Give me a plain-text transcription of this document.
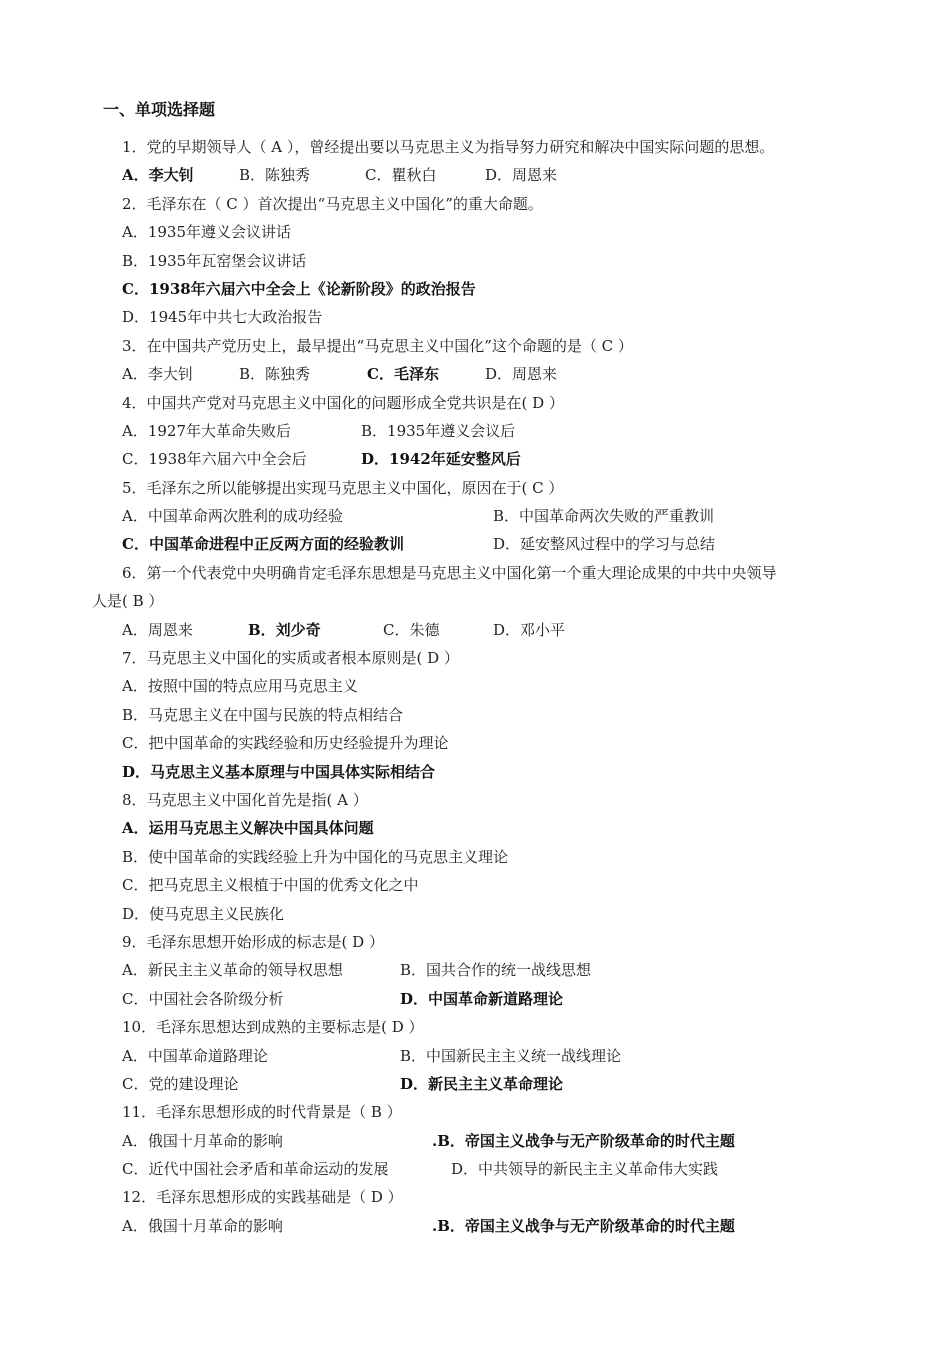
一、单项选择题
1．党的早期领导人（ A ），曾经提出要以马克思主义为指导努力研究和解决中国实际问题的思想。
A．李大钊	B．陈独秀	C．瞿秋白	D．周恩来
2．毛泽东在（ C ）首次提出“马克思主义中国化”的重大命题。
A．1935年遵义会议讲话
B．1935年瓦窑堡会议讲话
C．1938年六届六中全会上《论新阶段》的政治报告
D．1945年中共七大政治报告
3．在中国共产党历史上，最早提出“马克思主义中国化”这个命题的是（ C ）
A．李大钊	B．陈独秀	C．毛泽东	D．周恩来
4．中国共产党对马克思主义中国化的问题形成全党共识是在( D ）
A．1927年大革命失败后	B．1935年遵义会议后
C．1938年六届六中全会后	D．1942年延安整风后
5．毛泽东之所以能够提出实现马克思主义中国化，原因在于( C ）
A．中国革命两次胜利的成功经验	B．中国革命两次失败的严重教训
C．中国革命进程中正反两方面的经验教训	D．延安整风过程中的学习与总结
6．第一个代表党中央明确肯定毛泽东思想是马克思主义中国化第一个重大理论成果的中共中央领导
人是( B ）
A．周恩来	B．刘少奇	C．朱德	D．邓小平
7．马克思主义中国化的实质或者根本原则是( D ）
A．按照中国的特点应用马克思主义
B．马克思主义在中国与民族的特点相结合
C．把中国革命的实践经验和历史经验提升为理论
D．马克思主义基本原理与中国具体实际相结合
8．马克思主义中国化首先是指( A ）
A．运用马克思主义解决中国具体问题
B．使中国革命的实践经验上升为中国化的马克思主义理论
C．把马克思主义根植于中国的优秀文化之中
D．使马克思主义民族化
9．毛泽东思想开始形成的标志是( D ）
A．新民主主义革命的领导权思想	B．国共合作的统一战线思想
C．中国社会各阶级分析	D．中国革命新道路理论
10．毛泽东思想达到成熟的主要标志是( D ）
A．中国革命道路理论	B．中国新民主主义统一战线理论
C．党的建设理论	D．新民主主义革命理论
11．毛泽东思想形成的时代背景是（ B ）
A．俄国十月革命的影响	.B．帝国主义战争与无产阶级革命的时代主题
C．近代中国社会矛盾和革命运动的发展	D．中共领导的新民主主义革命伟大实践
12．毛泽东思想形成的实践基础是（ D ）
A．俄国十月革命的影响	.B．帝国主义战争与无产阶级革命的时代主题
